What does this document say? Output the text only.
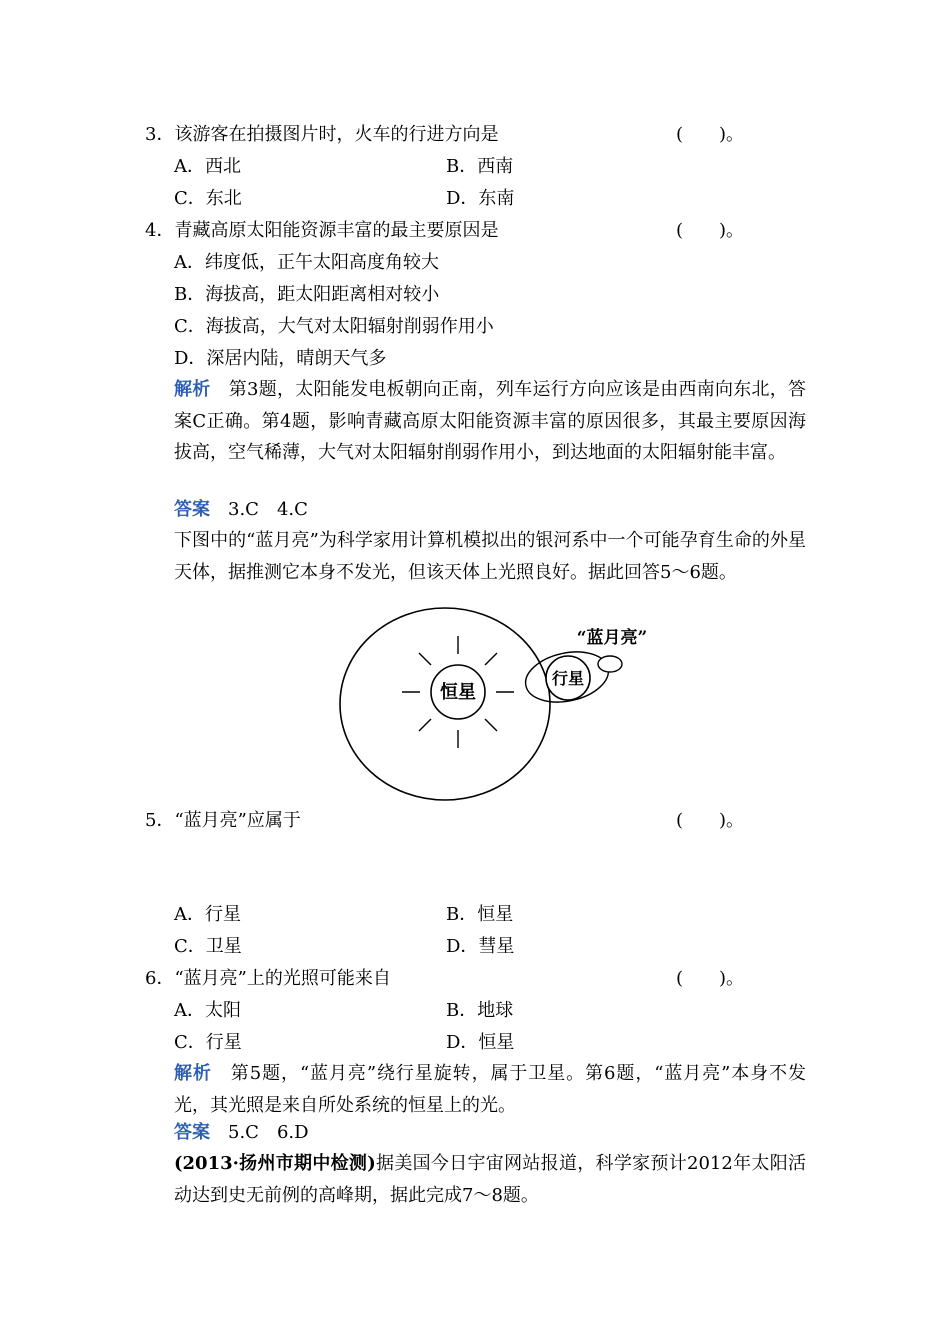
3．该游客在拍摄图片时，火车的行进方向是	(　　)。
A．西北	B．西南
C．东北	D．东南
4．青藏高原太阳能资源丰富的最主要原因是	(　　)。
A．纬度低，正午太阳高度角较大
B．海拔高，距太阳距离相对较小
C．海拔高，大气对太阳辐射削弱作用小
D．深居内陆，晴朗天气多
解析　 第3题，太阳能发电板朝向正南，列车运行方向应该是由西南向东北，答案C正确。第4题，影响青藏高原太阳能资源丰富的原因很多，其最主要原因海拔高，空气稀薄，大气对太阳辐射削弱作用小，到达地面的太阳辐射能丰富。
答案　 3.C　4.C
下图中的“蓝月亮”为科学家用计算机模拟出的银河系中一个可能孕育生命的外星天体，据推测它本身不发光，但该天体上光照良好。据此回答5～6题。
恒星
行星
“蓝月亮”
5．“蓝月亮”应属于	(　　)。
A．行星	B．恒星
C．卫星	D．彗星
6．“蓝月亮”上的光照可能来自	(　　)。
A．太阳	B．地球
C．行星	D．恒星
解析　 第5题，“蓝月亮”绕行星旋转，属于卫星。第6题，“蓝月亮”本身不发光，其光照是来自所处系统的恒星上的光。
答案　 5.C　6.D
(2013·扬州市期中检测)据美国今日宇宙网站报道，科学家预计2012年太阳活动达到史无前例的高峰期，据此完成7～8题。
